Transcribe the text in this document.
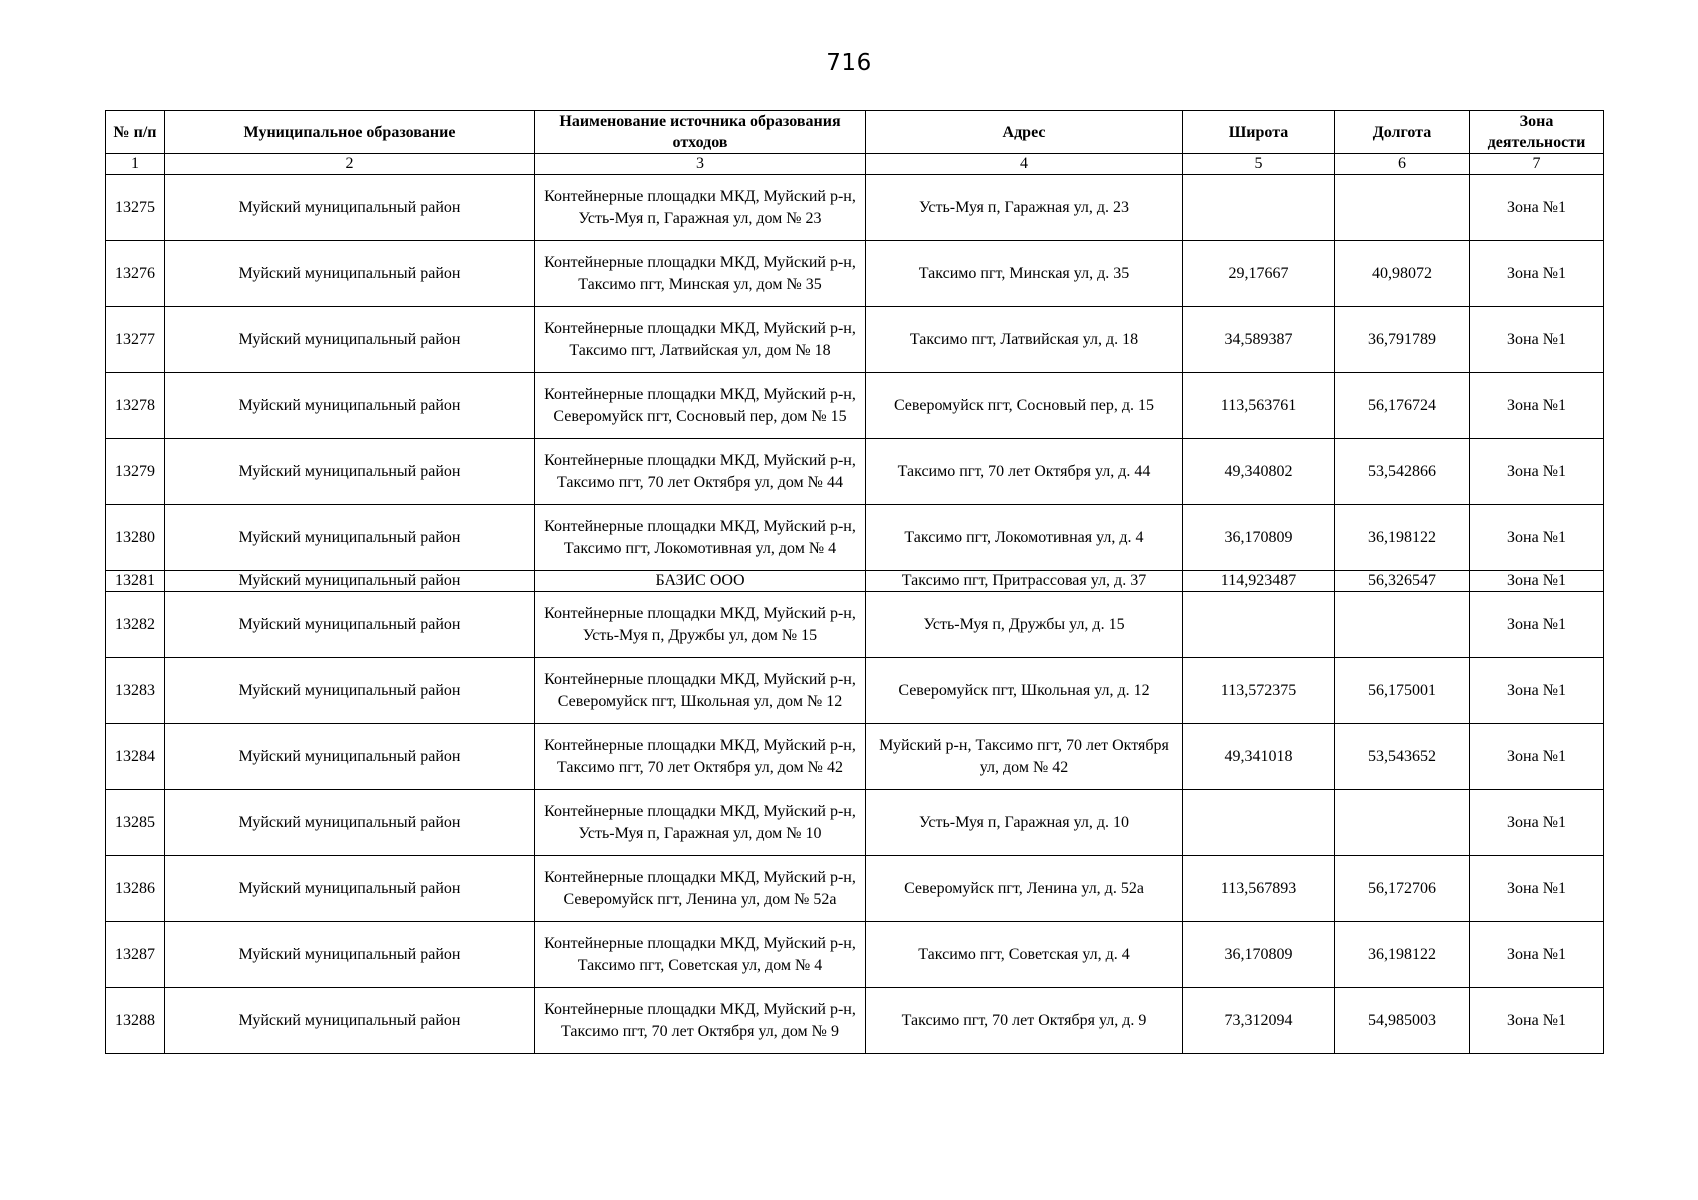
716
№ п/п	Муниципальное образование	Наименование источника образования отходов	Адрес	Широта	Долгота	Зона деятельности
1	2	3	4	5	6	7
13275	Муйский муниципальный район	Контейнерные площадки МКД, Муйский р-н, Усть-Муя п, Гаражная ул, дом № 23	Усть-Муя п, Гаражная ул, д. 23			Зона №1
13276	Муйский муниципальный район	Контейнерные площадки МКД, Муйский р-н, Таксимо пгт, Минская ул, дом № 35	Таксимо пгт, Минская ул, д. 35	29,17667	40,98072	Зона №1
13277	Муйский муниципальный район	Контейнерные площадки МКД, Муйский р-н, Таксимо пгт, Латвийская ул, дом № 18	Таксимо пгт, Латвийская ул, д. 18	34,589387	36,791789	Зона №1
13278	Муйский муниципальный район	Контейнерные площадки МКД, Муйский р-н, Северомуйск пгт, Сосновый пер, дом № 15	Северомуйск пгт, Сосновый пер, д. 15	113,563761	56,176724	Зона №1
13279	Муйский муниципальный район	Контейнерные площадки МКД, Муйский р-н, Таксимо пгт, 70 лет Октября ул, дом № 44	Таксимо пгт, 70 лет Октября ул, д. 44	49,340802	53,542866	Зона №1
13280	Муйский муниципальный район	Контейнерные площадки МКД, Муйский р-н, Таксимо пгт, Локомотивная ул, дом № 4	Таксимо пгт, Локомотивная ул, д. 4	36,170809	36,198122	Зона №1
13281	Муйский муниципальный район	БАЗИС ООО	Таксимо пгт, Притрассовая ул, д. 37	114,923487	56,326547	Зона №1
13282	Муйский муниципальный район	Контейнерные площадки МКД, Муйский р-н, Усть-Муя п, Дружбы ул, дом № 15	Усть-Муя п, Дружбы ул, д. 15			Зона №1
13283	Муйский муниципальный район	Контейнерные площадки МКД, Муйский р-н, Северомуйск пгт, Школьная ул, дом № 12	Северомуйск пгт, Школьная ул, д. 12	113,572375	56,175001	Зона №1
13284	Муйский муниципальный район	Контейнерные площадки МКД, Муйский р-н, Таксимо пгт, 70 лет Октября ул, дом № 42	Муйский р-н, Таксимо пгт, 70 лет Октября ул, дом № 42	49,341018	53,543652	Зона №1
13285	Муйский муниципальный район	Контейнерные площадки МКД, Муйский р-н, Усть-Муя п, Гаражная ул, дом № 10	Усть-Муя п, Гаражная ул, д. 10			Зона №1
13286	Муйский муниципальный район	Контейнерные площадки МКД, Муйский р-н, Северомуйск пгт, Ленина ул, дом № 52а	Северомуйск пгт, Ленина ул, д. 52а	113,567893	56,172706	Зона №1
13287	Муйский муниципальный район	Контейнерные площадки МКД, Муйский р-н, Таксимо пгт, Советская ул, дом № 4	Таксимо пгт, Советская ул, д. 4	36,170809	36,198122	Зона №1
13288	Муйский муниципальный район	Контейнерные площадки МКД, Муйский р-н, Таксимо пгт, 70 лет Октября ул, дом № 9	Таксимо пгт, 70 лет Октября ул, д. 9	73,312094	54,985003	Зона №1
